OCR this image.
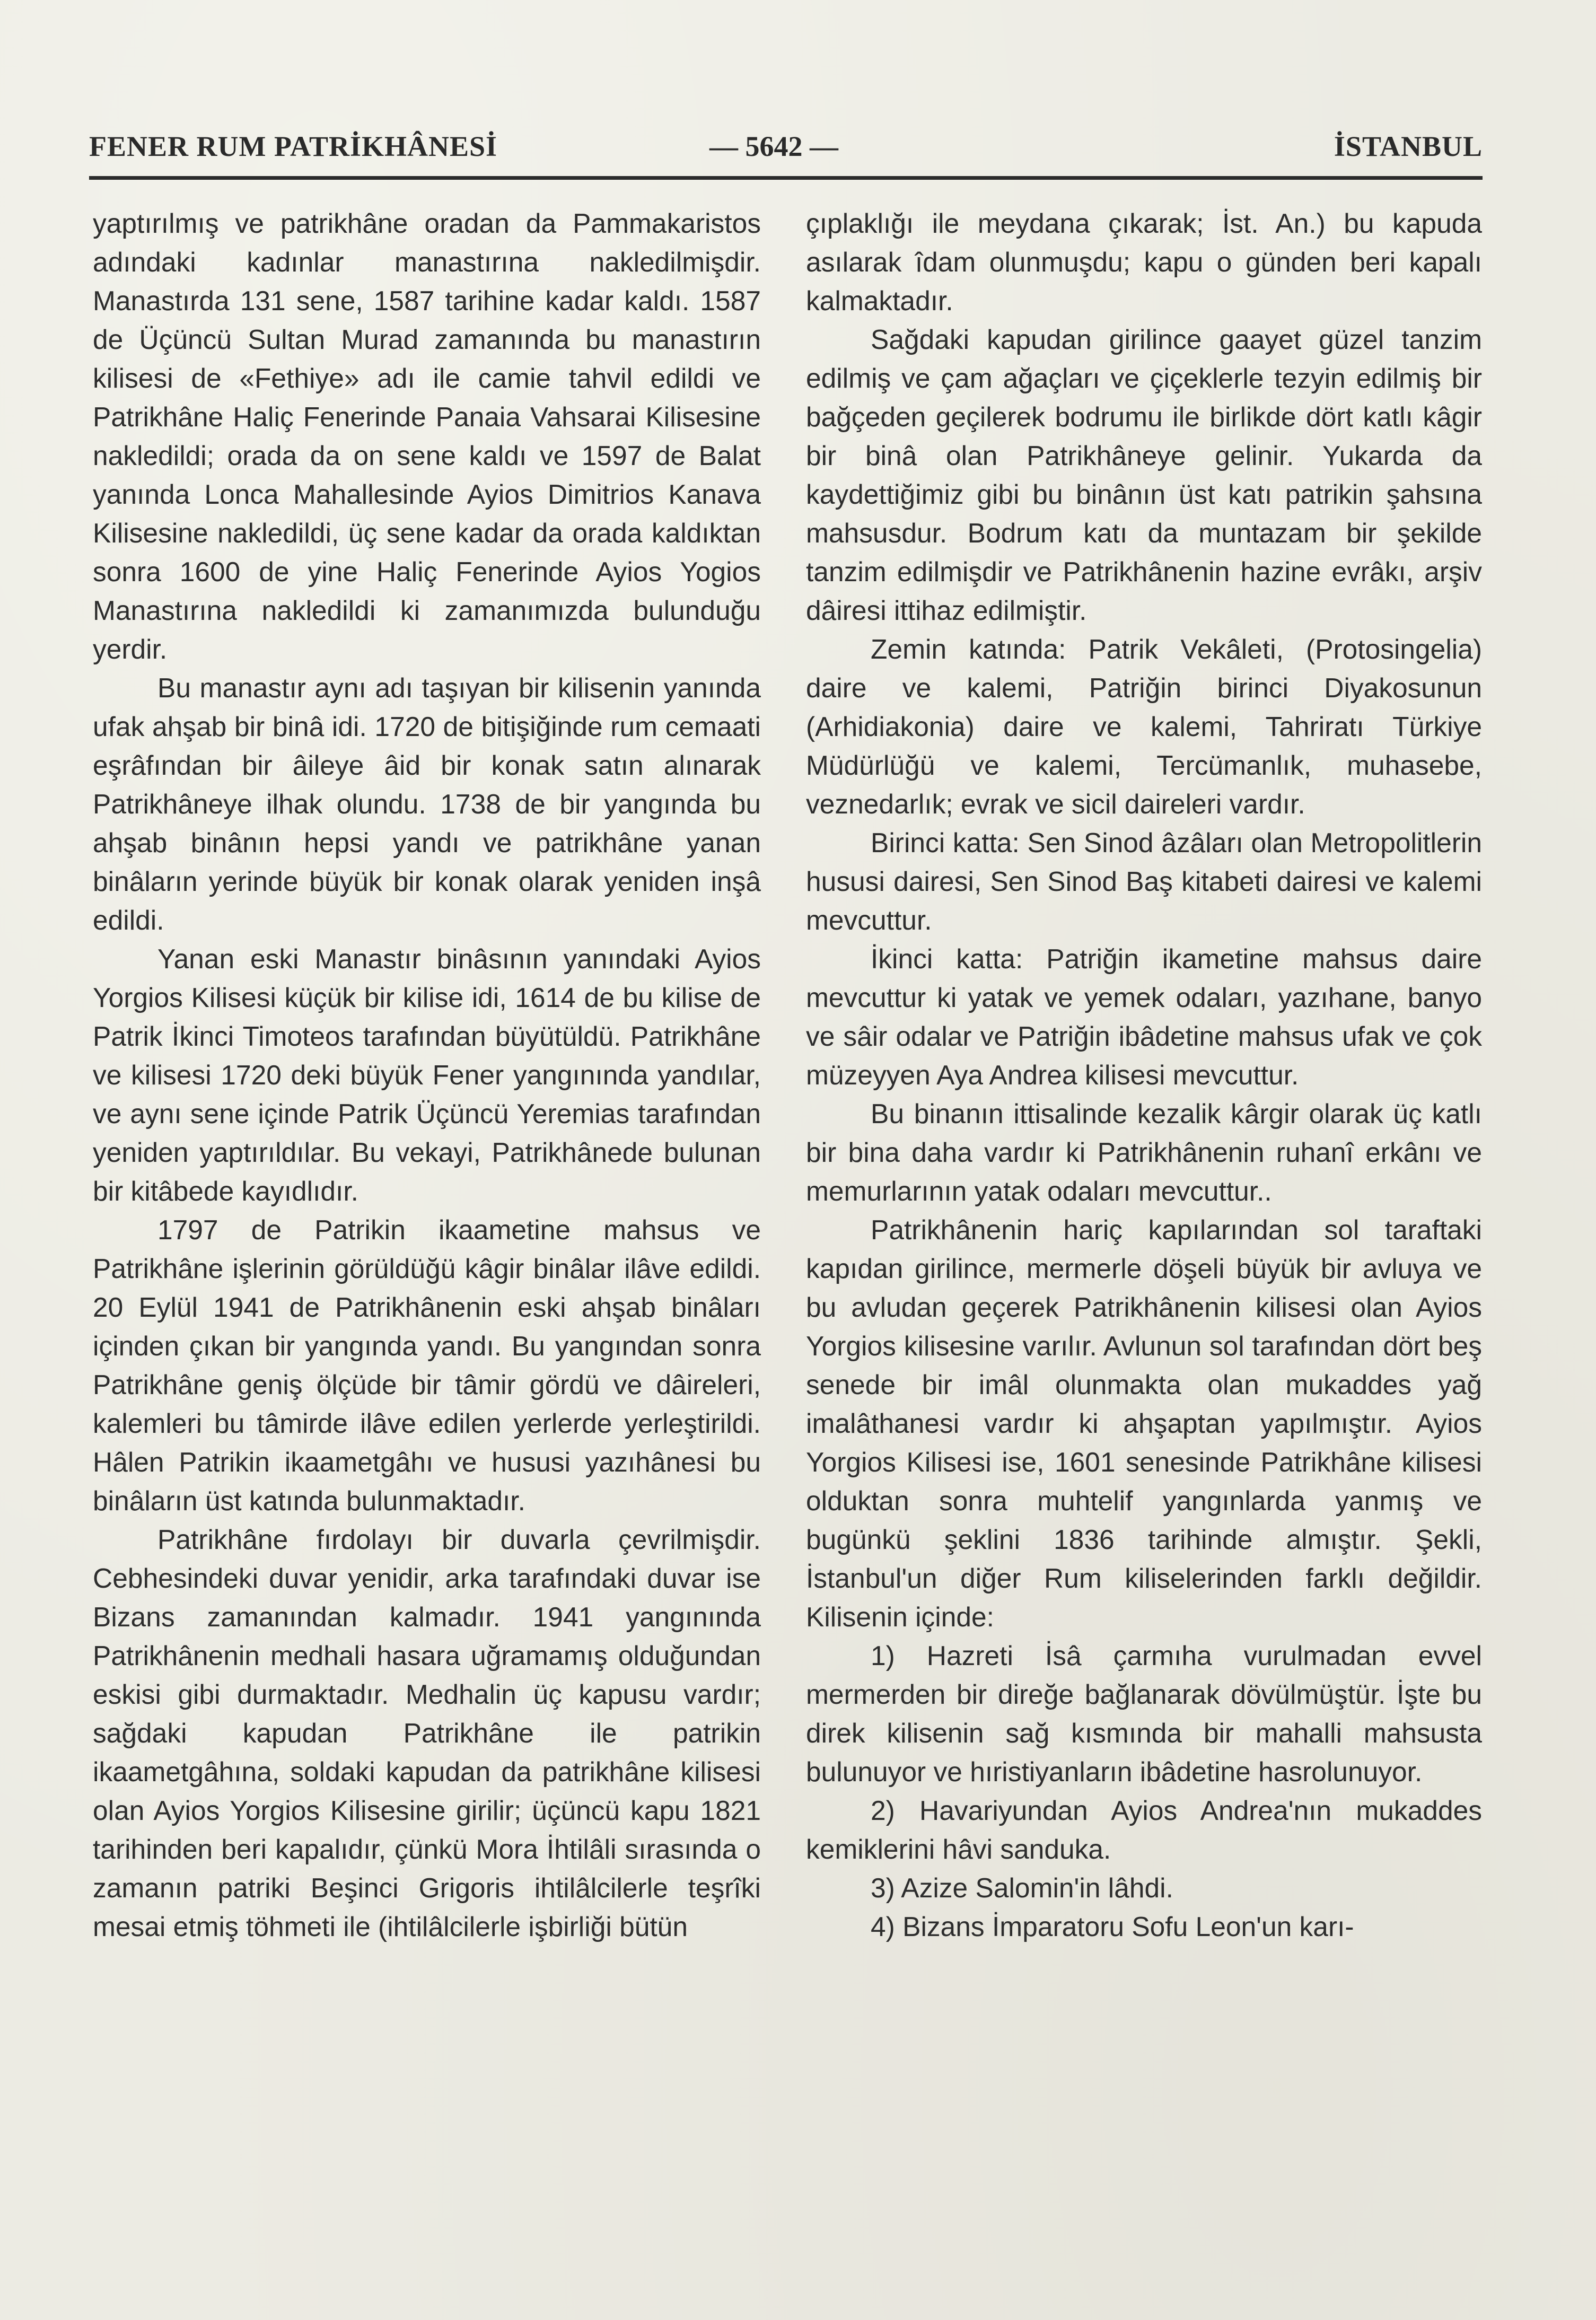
FENER RUM PATRİKHÂNESİ	— 5642 —	İSTANBUL

yaptırılmış ve patrikhâne oradan da Pammakaristos adındaki kadınlar manastırına nakledilmişdir. Manastırda 131 sene, 1587 tarihine kadar kaldı. 1587 de Üçüncü Sultan Murad zamanında bu manastırın kilisesi de «Fethiye» adı ile camie tahvil edildi ve Patrikhâne Haliç Fenerinde Panaia Vahsarai Kilisesine nakledildi; orada da on sene kaldı ve 1597 de Balat yanında Lonca Mahallesinde Ayios Dimitrios Kanava Kilisesine nakledildi, üç sene kadar da orada kaldıktan sonra 1600 de yine Haliç Fenerinde Ayios Yogios Manastırına nakledildi ki zamanımızda bulunduğu yerdir.

Bu manastır aynı adı taşıyan bir kilisenin yanında ufak ahşab bir binâ idi. 1720 de bitişiğinde rum cemaati eşrâfından bir âileye âid bir konak satın alınarak Patrikhâneye ilhak olundu. 1738 de bir yangında bu ahşab binânın hepsi yandı ve patrikhâne yanan binâların yerinde büyük bir konak olarak yeniden inşâ edildi.

Yanan eski Manastır binâsının yanındaki Ayios Yorgios Kilisesi küçük bir kilise idi, 1614 de bu kilise de Patrik İkinci Timoteos tarafından büyütüldü. Patrikhâne ve kilisesi 1720 deki büyük Fener yangınında yandılar, ve aynı sene içinde Patrik Üçüncü Yeremias tarafından yeniden yaptırıldılar. Bu vekayi, Patrikhânede bulunan bir kitâbede kayıdlıdır.

1797 de Patrikin ikaametine mahsus ve Patrikhâne işlerinin görüldüğü kâgir binâlar ilâve edildi. 20 Eylül 1941 de Patrikhânenin eski ahşab binâları içinden çıkan bir yangında yandı. Bu yangından sonra Patrikhâne geniş ölçüde bir tâmir gördü ve dâireleri, kalemleri bu tâmirde ilâve edilen yerlerde yerleştirildi. Hâlen Patrikin ikaametgâhı ve hususi yazıhânesi bu binâların üst katında bulunmaktadır.

Patrikhâne fırdolayı bir duvarla çevrilmişdir. Cebhesindeki duvar yenidir, arka tarafındaki duvar ise Bizans zamanından kalmadır. 1941 yangınında Patrikhânenin medhali hasara uğramamış olduğundan eskisi gibi durmaktadır. Medhalin üç kapusu vardır; sağdaki kapudan Patrikhâne ile patrikin ikaametgâhına, soldaki kapudan da patrikhâne kilisesi olan Ayios Yorgios Kilisesine girilir; üçüncü kapu 1821 tarihinden beri kapalıdır, çünkü Mora İhtilâli sırasında o zamanın patriki Beşinci Grigoris ihtilâlcilerle teşrîki mesai etmiş töhmeti ile (ihtilâlcilerle işbirliği bütün

çıplaklığı ile meydana çıkarak; İst. An.) bu kapuda asılarak îdam olunmuşdu; kapu o günden beri kapalı kalmaktadır.

Sağdaki kapudan girilince gaayet güzel tanzim edilmiş ve çam ağaçları ve çiçeklerle tezyin edilmiş bir bağçeden geçilerek bodrumu ile birlikde dört katlı kâgir bir binâ olan Patrikhâneye gelinir. Yukarda da kaydettiğimiz gibi bu binânın üst katı patrikin şahsına mahsusdur. Bodrum katı da muntazam bir şekilde tanzim edilmişdir ve Patrikhânenin hazine evrâkı, arşiv dâiresi ittihaz edilmiştir.

Zemin katında: Patrik Vekâleti, (Protosingelia) daire ve kalemi, Patriğin birinci Diyakosunun (Arhidiakonia) daire ve kalemi, Tahriratı Türkiye Müdürlüğü ve kalemi, Tercümanlık, muhasebe, veznedarlık; evrak ve sicil daireleri vardır.

Birinci katta: Sen Sinod âzâları olan Metropolitlerin hususi dairesi, Sen Sinod Baş kitabeti dairesi ve kalemi mevcuttur.

İkinci katta: Patriğin ikametine mahsus daire mevcuttur ki yatak ve yemek odaları, yazıhane, banyo ve sâir odalar ve Patriğin ibâdetine mahsus ufak ve çok müzeyyen Aya Andrea kilisesi mevcuttur.

Bu binanın ittisalinde kezalik kârgir olarak üç katlı bir bina daha vardır ki Patrikhânenin ruhanî erkânı ve memurlarının yatak odaları mevcuttur..

Patrikhânenin hariç kapılarından sol taraftaki kapıdan girilince, mermerle döşeli büyük bir avluya ve bu avludan geçerek Patrikhânenin kilisesi olan Ayios Yorgios kilisesine varılır. Avlunun sol tarafından dört beş senede bir imâl olunmakta olan mukaddes yağ imalâthanesi vardır ki ahşaptan yapılmıştır. Ayios Yorgios Kilisesi ise, 1601 senesinde Patrikhâne kilisesi olduktan sonra muhtelif yangınlarda yanmış ve bugünkü şeklini 1836 tarihinde almıştır. Şekli, İstanbul'un diğer Rum kiliselerinden farklı değildir. Kilisenin içinde:

1) Hazreti İsâ çarmıha vurulmadan evvel mermerden bir direğe bağlanarak dövülmüştür. İşte bu direk kilisenin sağ kısmında bir mahalli mahsusta bulunuyor ve hıristiyanların ibâdetine hasrolunuyor.

2) Havariyundan Ayios Andrea'nın mukaddes kemiklerini hâvi sanduka.

3) Azize Salomin'in lâhdi.

4) Bizans İmparatoru Sofu Leon'un karı-
